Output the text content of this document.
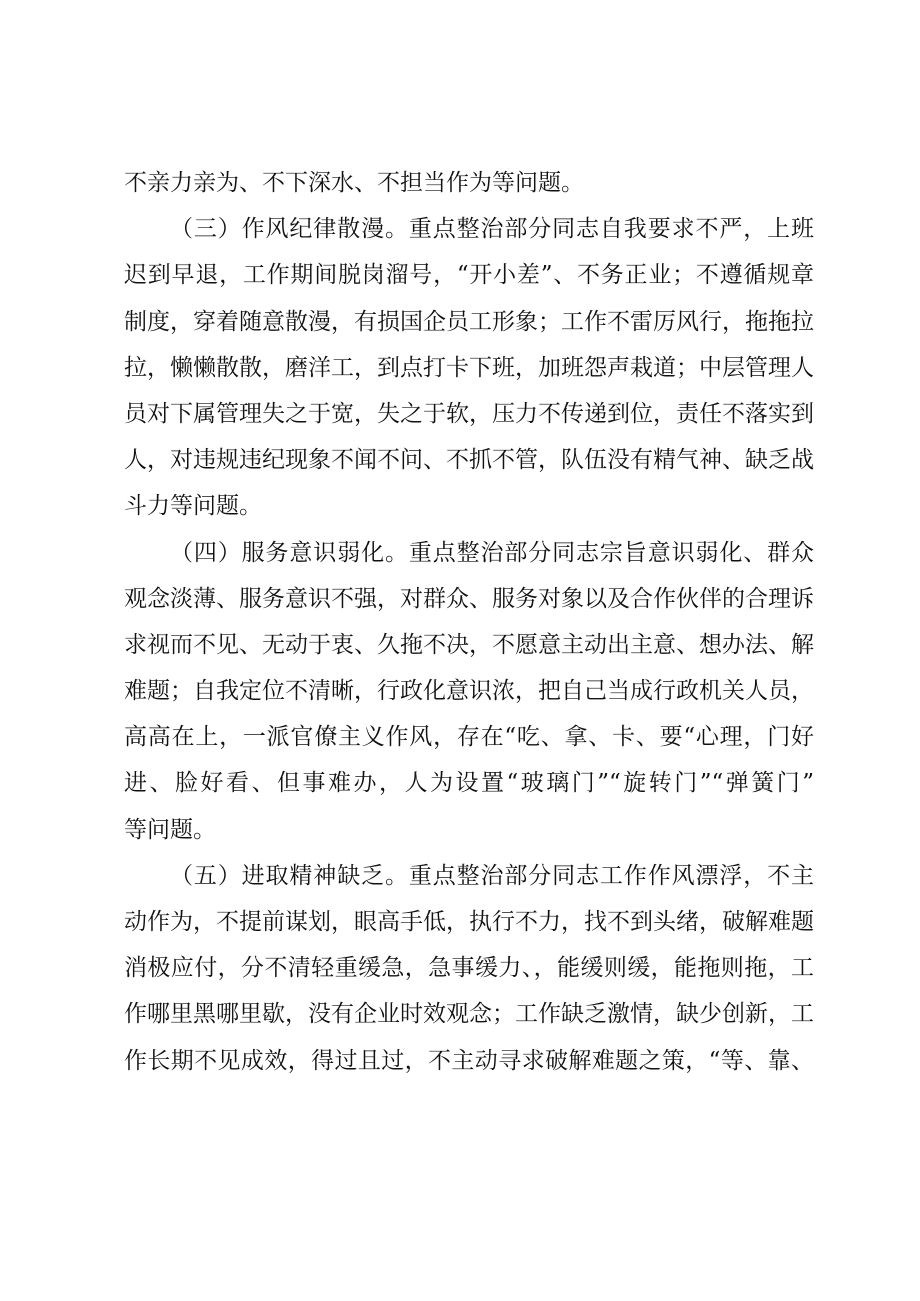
不亲力亲为、不下深水、不担当作为等问题。
（三）作风纪律散漫。重点整治部分同志自我要求不严，上班
迟到早退，工作期间脱岗溜号，“开小差”、不务正业；不遵循规章
制度，穿着随意散漫，有损国企员工形象；工作不雷厉风行，拖拖拉
拉，懒懒散散，磨洋工，到点打卡下班，加班怨声栽道；中层管理人
员对下属管理失之于宽，失之于软，压力不传递到位，责任不落实到
人，对违规违纪现象不闻不问、不抓不管，队伍没有精气神、缺乏战
斗力等问题。
（四）服务意识弱化。重点整治部分同志宗旨意识弱化、群众
观念淡薄、服务意识不强，对群众、服务对象以及合作伙伴的合理诉
求视而不见、无动于衷、久拖不决，不愿意主动出主意、想办法、解
难题；自我定位不清晰，行政化意识浓，把自己当成行政机关人员，
高高在上，一派官僚主义作风，存在“吃、拿、卡、要“心理，门好
进、脸好看、但事难办，人为设置“玻璃门”“旋转门”“弹簧门”
等问题。
（五）进取精神缺乏。重点整治部分同志工作作风漂浮，不主
动作为，不提前谋划，眼高手低，执行不力，找不到头绪，破解难题
消极应付，分不清轻重缓急，急事缓力、，能缓则缓，能拖则拖，工
作哪里黑哪里歇，没有企业时效观念；工作缺乏激情，缺少创新，工
作长期不见成效，得过且过，不主动寻求破解难题之策，“等、靠、
